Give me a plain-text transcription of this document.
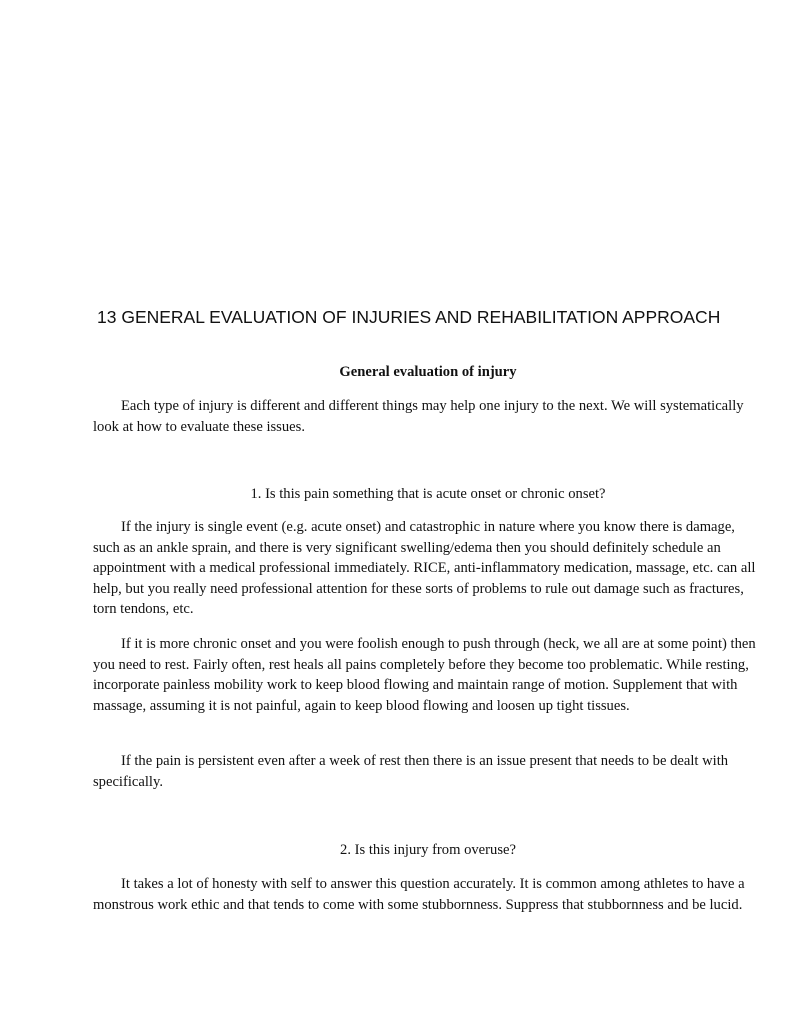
13 GENERAL EVALUATION OF INJURIES AND REHABILITATION APPROACH
General evaluation of injury

Each type of injury is different and different things may help one injury to the next. We will systematically look at how to evaluate these issues.

1. Is this pain something that is acute onset or chronic onset?

If the injury is single event (e.g. acute onset) and catastrophic in nature where you know there is damage, such as an ankle sprain, and there is very significant swelling/edema then you should definitely schedule an appointment with a medical professional immediately. RICE, anti-inflammatory medication, massage, etc. can all help, but you really need professional attention for these sorts of problems to rule out damage such as fractures, torn tendons, etc.

If it is more chronic onset and you were foolish enough to push through (heck, we all are at some point) then you need to rest. Fairly often, rest heals all pains completely before they become too problematic. While resting, incorporate painless mobility work to keep blood flowing and maintain range of motion. Supplement that with massage, assuming it is not painful, again to keep blood flowing and loosen up tight tissues.

If the pain is persistent even after a week of rest then there is an issue present that needs to be dealt with specifically.

2. Is this injury from overuse?

It takes a lot of honesty with self to answer this question accurately. It is common among athletes to have a monstrous work ethic and that tends to come with some stubbornness. Suppress that stubbornness and be lucid.
